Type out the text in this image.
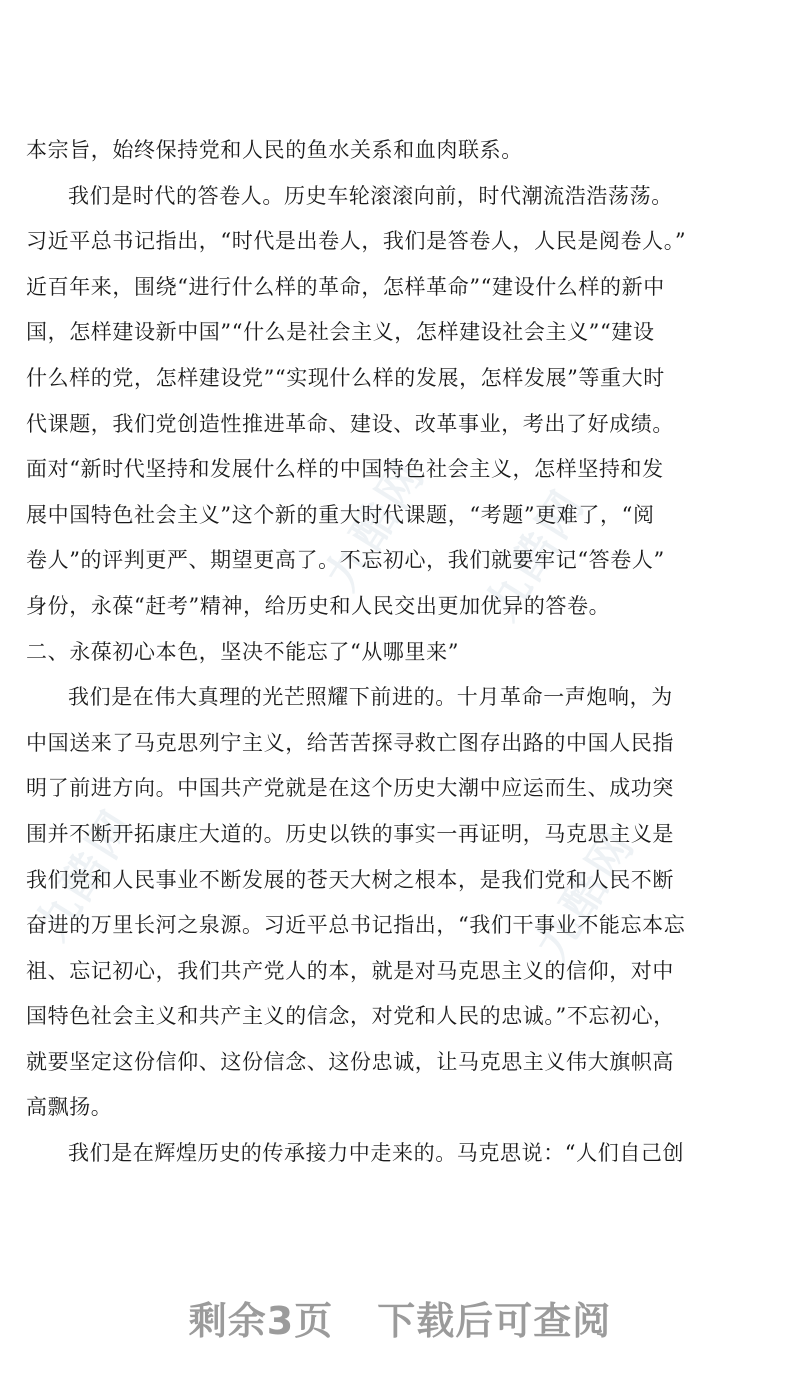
九酷网 九酷网
九酷网	九酷网
本宗旨，始终保持党和人民的鱼水关系和血肉联系。
我们是时代的答卷人。历史车轮滚滚向前，时代潮流浩浩荡荡。
习近平总书记指出，“时代是出卷人，我们是答卷人，人民是阅卷人。”
近百年来，围绕“进行什么样的革命，怎样革命”“建设什么样的新中
国，怎样建设新中国”“什么是社会主义，怎样建设社会主义”“建设
什么样的党，怎样建设党”“实现什么样的发展，怎样发展”等重大时
代课题，我们党创造性推进革命、建设、改革事业，考出了好成绩。
面对“新时代坚持和发展什么样的中国特色社会主义，怎样坚持和发
展中国特色社会主义”这个新的重大时代课题，“考题”更难了，“阅
卷人”的评判更严、期望更高了。不忘初心，我们就要牢记“答卷人”
身份，永葆“赶考”精神，给历史和人民交出更加优异的答卷。
二、永葆初心本色，坚决不能忘了“从哪里来”
我们是在伟大真理的光芒照耀下前进的。十月革命一声炮响，为
中国送来了马克思列宁主义，给苦苦探寻救亡图存出路的中国人民指
明了前进方向。中国共产党就是在这个历史大潮中应运而生、成功突
围并不断开拓康庄大道的。历史以铁的事实一再证明，马克思主义是
我们党和人民事业不断发展的苍天大树之根本，是我们党和人民不断
奋进的万里长河之泉源。习近平总书记指出，“我们干事业不能忘本忘
祖、忘记初心，我们共产党人的本，就是对马克思主义的信仰，对中
国特色社会主义和共产主义的信念，对党和人民的忠诚。”不忘初心，
就要坚定这份信仰、这份信念、这份忠诚，让马克思主义伟大旗帜高
高飘扬。
我们是在辉煌历史的传承接力中走来的。马克思说：“人们自己创
剩余3页 下载后可查阅
